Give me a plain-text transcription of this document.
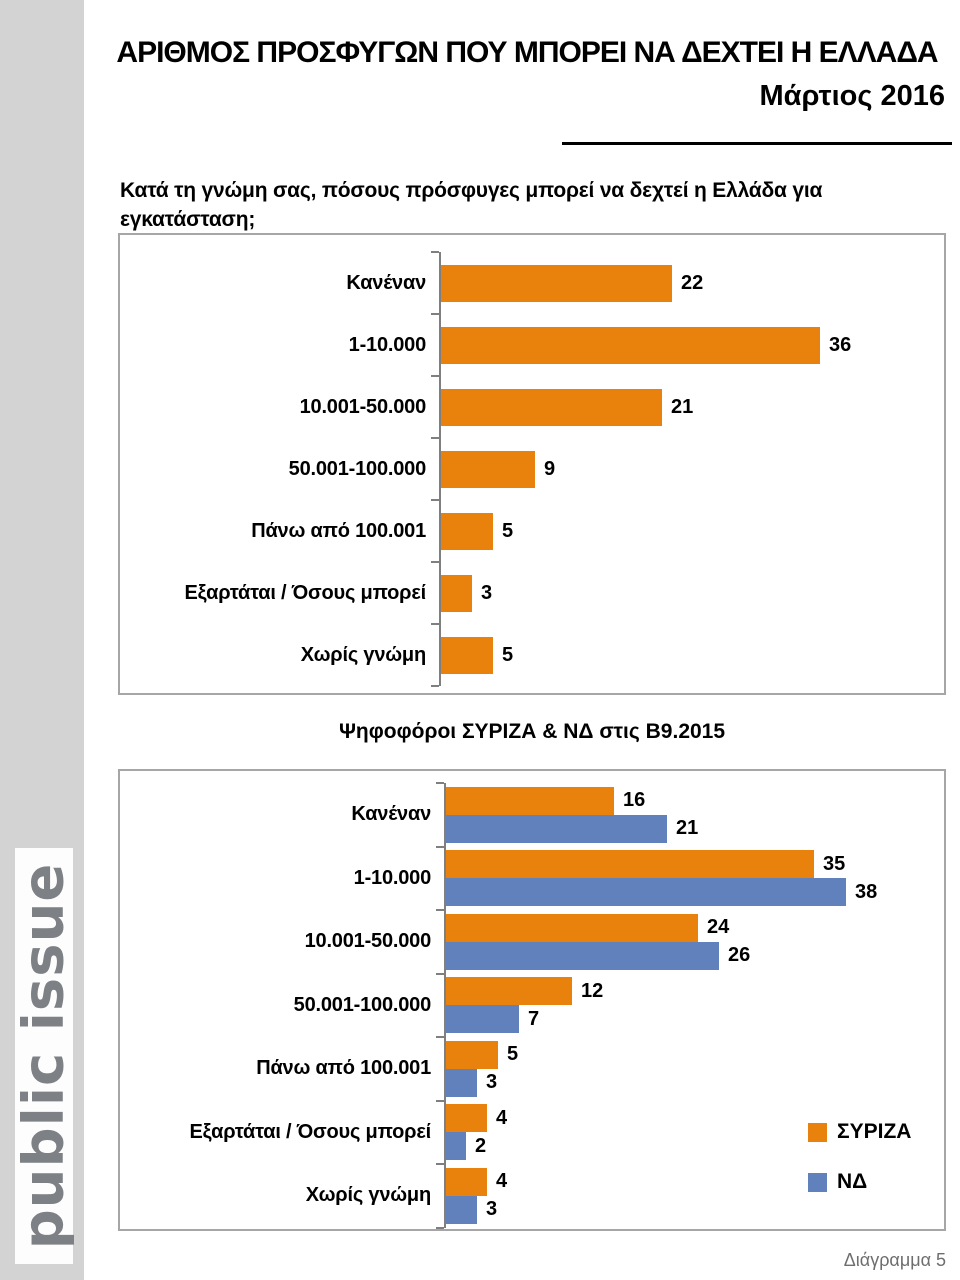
public issue
ΑΡΙΘΜΟΣ ΠΡΟΣΦΥΓΩΝ ΠΟΥ ΜΠΟΡΕΙ ΝΑ ΔΕΧΤΕΙ Η ΕΛΛΑΔΑ
Μάρτιος 2016
Κατά τη γνώμη σας, πόσους πρόσφυγες μπορεί να δεχτεί η Ελλάδα για εγκατάσταση;
Κανέναν	22
1-10.000	36
10.001-50.000	21
50.001-100.000	9
Πάνω από 100.001	5
Εξαρτάται / Όσους μπορεί	3
Χωρίς γνώμη	5
Ψηφοφόροι ΣΥΡΙΖΑ & ΝΔ στις Β9.2015
Κανέναν
16
21
1-10.000
35
38
10.001-50.000
24
26
50.001-100.000
12
7
Πάνω από 100.001
5
3
Εξαρτάται / Όσους μπορεί
4
2
Χωρίς γνώμη
4
3
ΣΥΡΙΖΑ
ΝΔ
Διάγραμμα 5
